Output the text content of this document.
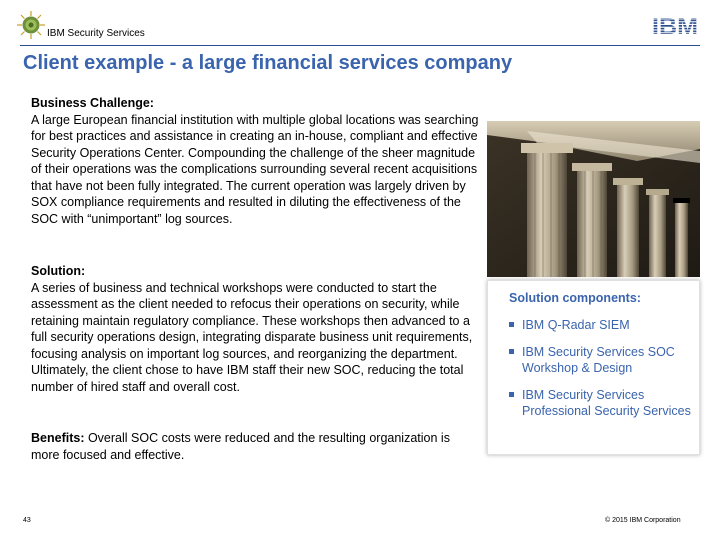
IBM Security Services	IBM
Client example - a large financial services company
Business Challenge:
A large European financial institution with multiple global locations was searching for best practices and assistance in creating an in-house, compliant and effective Security Operations Center. Compounding the challenge of the sheer magnitude of their operations was the complications surrounding several recent acquisitions that have not been fully integrated. The current operation was largely driven by SOX compliance requirements and resulted in diluting the effectiveness of the SOC with “unimportant” log sources.
Solution:
A series of business and technical workshops were conducted to start the assessment as the client needed to refocus their operations on security, while retaining maintain regulatory compliance. These workshops then advanced to a full security operations design, integrating disparate business unit requirements, focusing analysis on important log sources, and reorganizing the department. Ultimately, the client chose to have IBM staff their new SOC, reducing the total number of hired staff and overall cost.
Benefits: Overall SOC costs were reduced and the resulting organization is more focused and effective.
Solution components:
IBM Q-Radar SIEM
IBM Security Services SOC Workshop & Design
IBM Security Services Professional Security Services
43	© 2015 IBM Corporation
